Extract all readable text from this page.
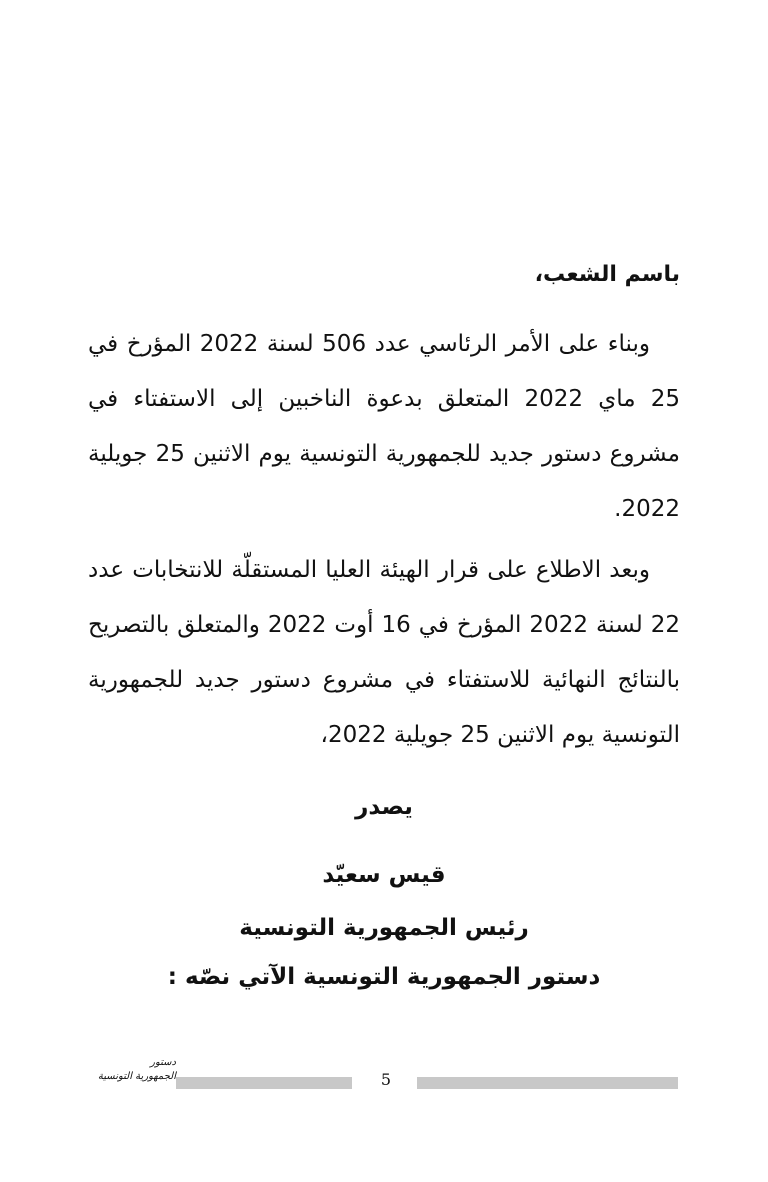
باسم الشعب،
وبناء على الأمر الرئاسي عدد 506 لسنة 2022 المؤرخ في 25 ماي 2022 المتعلق بدعوة الناخبين إلى الاستفتاء في مشروع دستور جديد للجمهورية التونسية يوم الاثنين 25 جويلية 2022.
وبعد الاطلاع على قرار الهيئة العليا المستقلّة للانتخابات عدد 22 لسنة 2022 المؤرخ في 16 أوت 2022 والمتعلق بالتصريح بالنتائج النهائية للاستفتاء في مشروع دستور جديد للجمهورية التونسية يوم الاثنين 25 جويلية 2022،
يصدر
قيس سعيّد
رئيس الجمهورية التونسية
دستور الجمهورية التونسية الآتي نصّه :
دستور
الجمهورية التونسية	5
